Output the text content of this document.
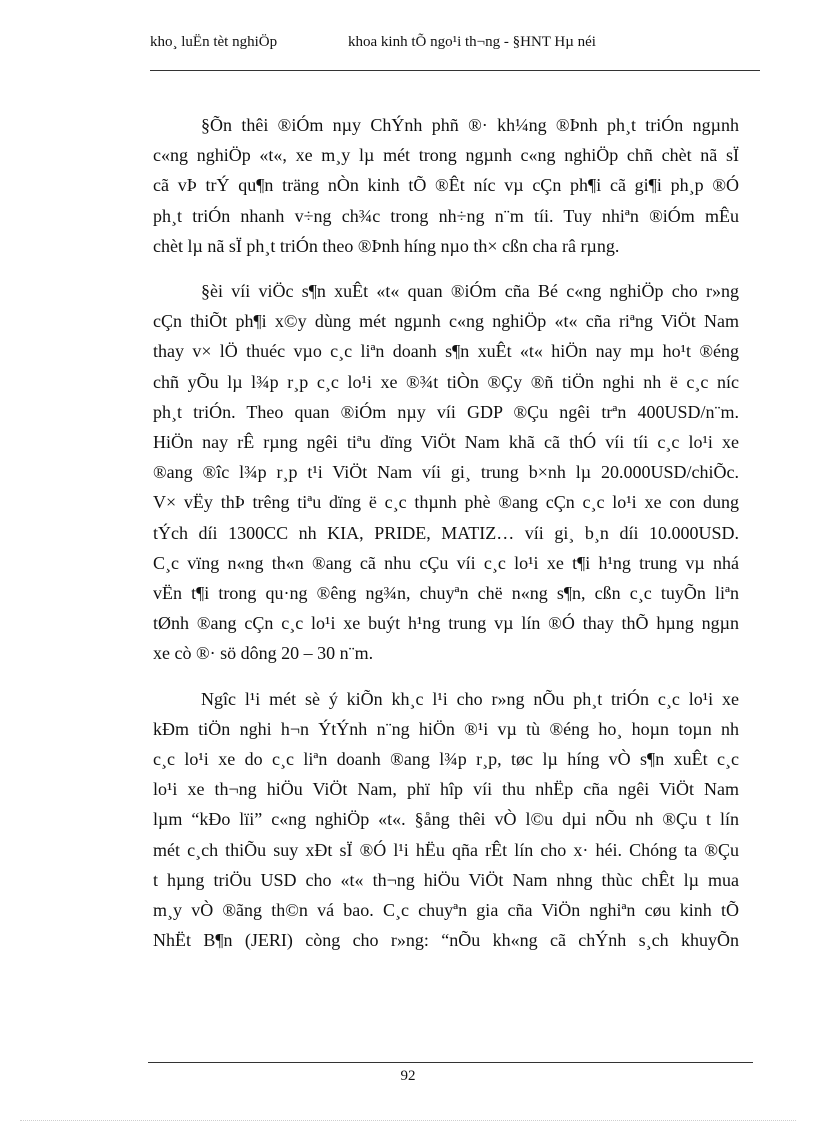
kho¸ luËn tèt nghiÖp	khoa kinh tÕ ngo¹i th¬ng - §HNT Hµ néi

§Õn thêi ®iÓm nµy ChÝnh phñ ®· kh¼ng ®Þnh ph¸t triÓn ngµnh
c«ng nghiÖp «t«, xe m¸y lµ mét trong ngµnh c«ng nghiÖp chñ chèt nã sÏ
cã vÞ trÝ qu¶n träng nÒn kinh tÕ ®Êt níc vµ cÇn ph¶i cã gi¶i ph¸p ®Ó
ph¸t triÓn nhanh v÷ng ch¾c trong nh÷ng n¨m tíi. Tuy nhiªn ®iÓm mÊu
chèt lµ nã sÏ ph¸t triÓn theo ®Þnh híng nµo th× cßn cha râ rµng.

§èi víi viÖc s¶n xuÊt «t« quan ®iÓm cña Bé c«ng nghiÖp cho r»ng
cÇn thiÕt ph¶i x©y dùng mét ngµnh c«ng nghiÖp «t« cña riªng ViÖt Nam
thay v× lÖ thuéc vµo c¸c liªn doanh s¶n xuÊt «t« hiÖn nay mµ ho¹t ®éng
chñ yÕu lµ l¾p r¸p c¸c lo¹i xe ®¾t tiÒn ®Çy ®ñ tiÖn nghi nh ë c¸c níc
ph¸t triÓn. Theo quan ®iÓm nµy víi GDP ®Çu ngêi trªn 400USD/n¨m.
HiÖn nay rÊ rµng ngêi tiªu dïng ViÖt Nam khã cã thÓ víi tíi c¸c lo¹i xe
®ang ®îc l¾p r¸p t¹i ViÖt Nam víi gi¸ trung b×nh lµ 20.000USD/chiÕc.
V× vËy thÞ trêng tiªu dïng ë c¸c thµnh phè ®ang cÇn c¸c lo¹i xe con dung
tÝch díi 1300CC nh KIA, PRIDE, MATIZ… víi gi¸ b¸n díi 10.000USD.
C¸c vïng n«ng th«n ®ang cã nhu cÇu víi c¸c lo¹i xe t¶i h¹ng trung vµ nhá
vËn t¶i trong qu·ng ®êng ng¾n, chuyªn chë n«ng s¶n, cßn c¸c tuyÕn liªn
tØnh ®ang cÇn c¸c lo¹i xe buýt h¹ng trung vµ lín ®Ó thay thÕ hµng ngµn
xe cò ®· sö dông 20 – 30 n¨m.

Ngîc l¹i mét sè ý kiÕn kh¸c l¹i cho r»ng nÕu ph¸t triÓn c¸c lo¹i xe
kÐm tiÖn nghi h¬n ÝtÝnh n¨ng hiÖn ®¹i vµ tù ®éng ho¸ hoµn toµn nh
c¸c lo¹i xe do c¸c liªn doanh ®ang l¾p r¸p, tøc lµ híng vÒ s¶n xuÊt c¸c
lo¹i xe th¬ng hiÖu ViÖt Nam, phï hîp víi thu nhËp cña ngêi ViÖt Nam
lµm “kÐo lïi” c«ng nghiÖp «t«. §ång thêi vÒ l©u dµi nÕu nh ®Çu t lín
mét c¸ch thiÕu suy xÐt sÏ ®Ó l¹i hËu qña rÊt lín cho x· héi. Chóng ta ®Çu
t hµng triÖu USD cho «t« th¬ng hiÖu ViÖt Nam nhng thùc chÊt lµ mua
m¸y vÒ ®ãng th©n vá bao. C¸c chuyªn gia cña ViÖn nghiªn cøu kinh tÕ
NhËt B¶n (JERI) còng cho r»ng: “nÕu kh«ng cã chÝnh s¸ch khuyÕn

92
